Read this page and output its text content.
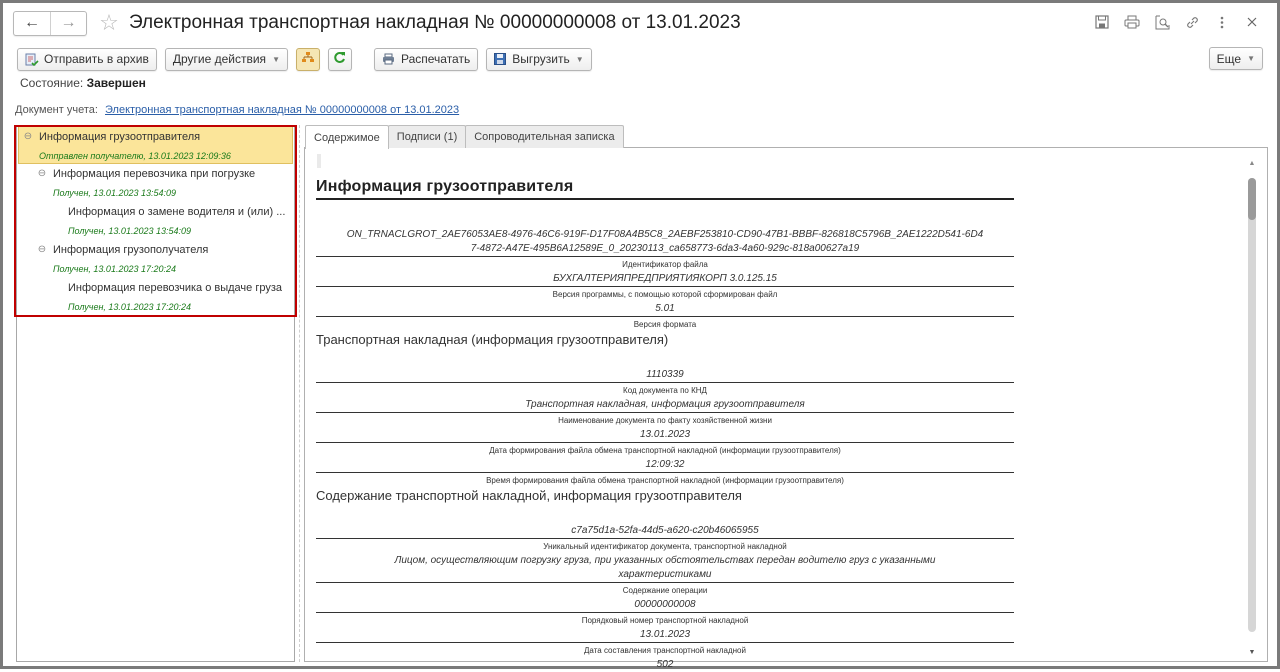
← → ☆ Электронная транспортная накладная № 00000000008 от 13.01.2023
Отправить в архив Другие действия ▼	Распечатать	Выгрузить ▼	Еще ▼
Состояние: Завершен
Документ учета: Электронная транспортная накладная № 00000000008 от 13.01.2023
⊖ Информация грузоотправителя
Отправлен получателю, 13.01.2023 12:09:36
⊖ Информация перевозчика при погрузке
Получен, 13.01.2023 13:54:09
Информация о замене водителя и (или) ...
Получен, 13.01.2023 13:54:09
⊖ Информация грузополучателя
Получен, 13.01.2023 17:20:24
Информация перевозчика о выдаче груза
Получен, 13.01.2023 17:20:24
Содержимое	Подписи (1)	Сопроводительная записка
Информация грузоотправителя
ON_TRNACLGROT_2AE76053AE8-4976-46C6-919F-D17F08A4B5C8_2AEBF253810-CD90-47B1-BBBF-826818C5796B_2AE1222D541-6D4
7-4872-A47E-495B6A12589E_0_20230113_ca658773-6da3-4a60-929c-818a00627a19
Идентификатор файла
БУХГАЛТЕРИЯПРЕДПРИЯТИЯКОРП 3.0.125.15
Версия программы, с помощью которой сформирован файл
5.01
Версия формата
Транспортная накладная (информация грузоотправителя)
1110339
Код документа по КНД
Транспортная накладная, информация грузоотправителя
Наименование документа по факту хозяйственной жизни
13.01.2023
Дата формирования файла обмена транспортной накладной (информации грузоотправителя)
12:09:32
Время формирования файла обмена транспортной накладной (информации грузоотправителя)
Содержание транспортной накладной, информация грузоотправителя
c7a75d1a-52fa-44d5-a620-c20b46065955
Уникальный идентификатор документа, транспортной накладной
Лицом, осуществляющим погрузку груза, при указанных обстоятельствах передан водителю груз с указанными
характеристиками
Содержание операции
00000000008
Порядковый номер транспортной накладной
13.01.2023
Дата составления транспортной накладной
502
▲
▼
